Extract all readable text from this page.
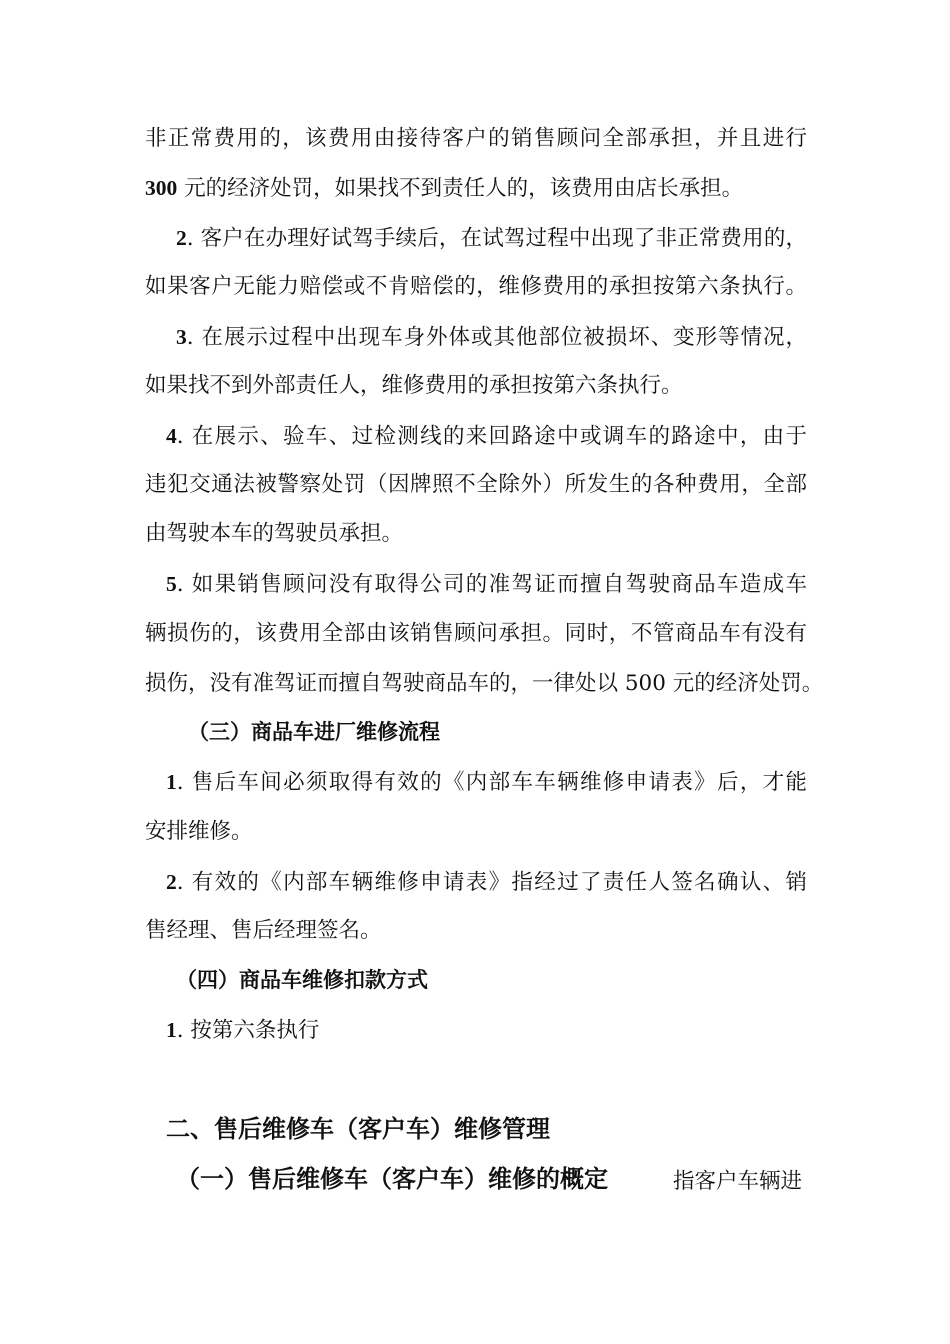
非正常费用的，该费用由接待客户的销售顾问全部承担，并且进行
300 元的经济处罚，如果找不到责任人的，该费用由店长承担。
2. 客户在办理好试驾手续后，在试驾过程中出现了非正常费用的，
如果客户无能力赔偿或不肯赔偿的，维修费用的承担按第六条执行。
3. 在展示过程中出现车身外体或其他部位被损坏、变形等情况，
如果找不到外部责任人，维修费用的承担按第六条执行。
4. 在展示、验车、过检测线的来回路途中或调车的路途中，由于
违犯交通法被警察处罚（因牌照不全除外）所发生的各种费用，全部
由驾驶本车的驾驶员承担。
5. 如果销售顾问没有取得公司的准驾证而擅自驾驶商品车造成车
辆损伤的，该费用全部由该销售顾问承担。同时，不管商品车有没有
损伤，没有准驾证而擅自驾驶商品车的，一律处以 500 元的经济处罚。
（三）商品车进厂维修流程
1. 售后车间必须取得有效的《内部车车辆维修申请表》后，才能
安排维修。
2. 有效的《内部车辆维修申请表》指经过了责任人签名确认、销
售经理、售后经理签名。
（四）商品车维修扣款方式
1. 按第六条执行
二、售后维修车（客户车）维修管理
（一）售后维修车（客户车）维修的概定	指客户车辆进
